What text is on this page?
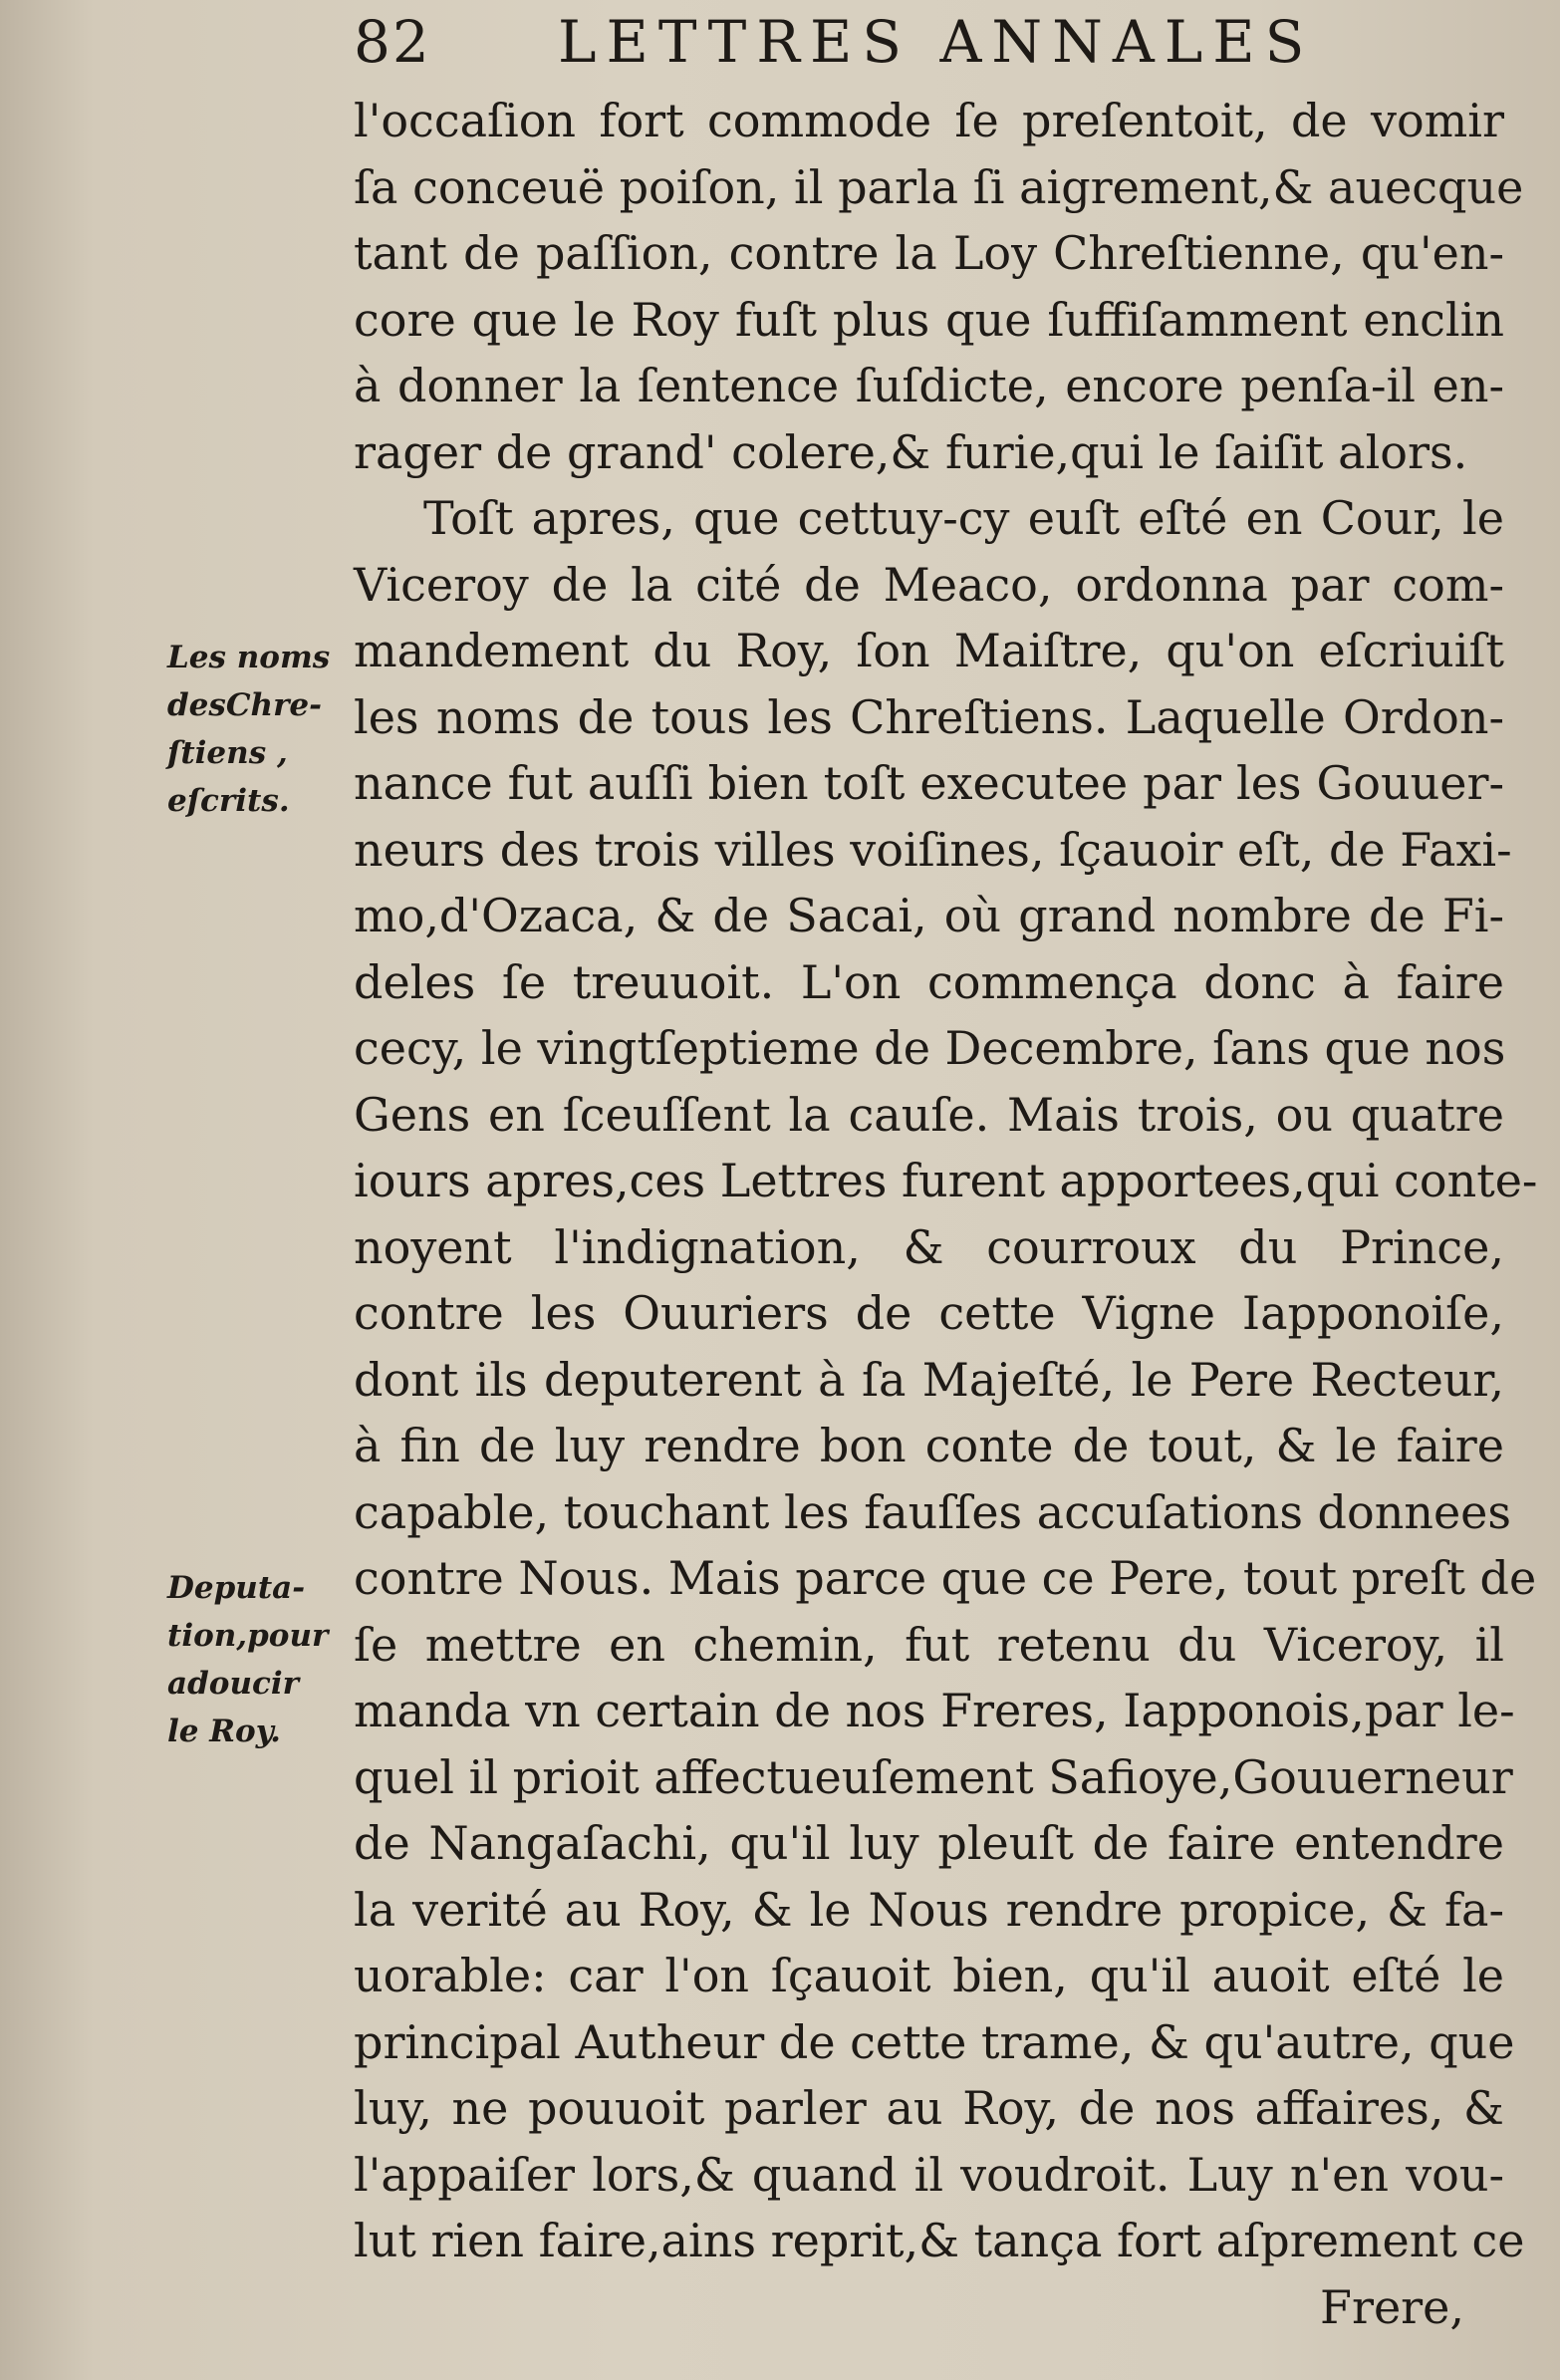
82 LETTRES ANNALES
Les noms
desChre-
ſtiens ,
eſcrits.
Deputa-
tion,pour
adoucir
le Roy.
l'occaſion fort commode ſe preſentoit, de vomir
ſa conceuë poiſon, il parla ſi aigrement,& auecque
tant de paſſion, contre la Loy Chreſtienne, qu'en-
core que le Roy fuſt plus que ſuffiſamment enclin
à donner la ſentence ſuſdicte, encore penſa-il en-
rager de grand' colere,& furie,qui le ſaiſit alors.
Toſt apres, que cettuy-cy euſt eſté en Cour, le
Viceroy de la cité de Meaco, ordonna par com-
mandement du Roy, ſon Maiſtre, qu'on eſcriuiſt
les noms de tous les Chreſtiens. Laquelle Ordon-
nance fut auſſi bien toſt executee par les Gouuer-
neurs des trois villes voiſines, ſçauoir eſt, de Faxi-
mo,d'Ozaca, & de Sacai, où grand nombre de Fi-
deles ſe treuuoit. L'on commença donc à faire
cecy, le vingtſeptieme de Decembre, ſans que nos
Gens en ſceuſſent la cauſe. Mais trois, ou quatre
iours apres,ces Lettres furent apportees,qui conte-
noyent l'indignation, & courroux du Prince,
contre les Ouuriers de cette Vigne Iapponoiſe,
dont ils deputerent à ſa Majeſté, le Pere Recteur,
à fin de luy rendre bon conte de tout, & le faire
capable, touchant les fauſſes accuſations donnees
contre Nous. Mais parce que ce Pere, tout preſt de
ſe mettre en chemin, fut retenu du Viceroy, il
manda vn certain de nos Freres, Iapponois,par le-
quel il prioit affectueuſement Safioye,Gouuerneur
de Nangaſachi, qu'il luy pleuſt de faire entendre
la verité au Roy, & le Nous rendre propice, & fa-
uorable: car l'on ſçauoit bien, qu'il auoit eſté le
principal Autheur de cette trame, & qu'autre, que
luy, ne pouuoit parler au Roy, de nos affaires, &
l'appaiſer lors,& quand il voudroit. Luy n'en vou-
lut rien faire,ains reprit,& tança fort aſprement ce
Frere,
